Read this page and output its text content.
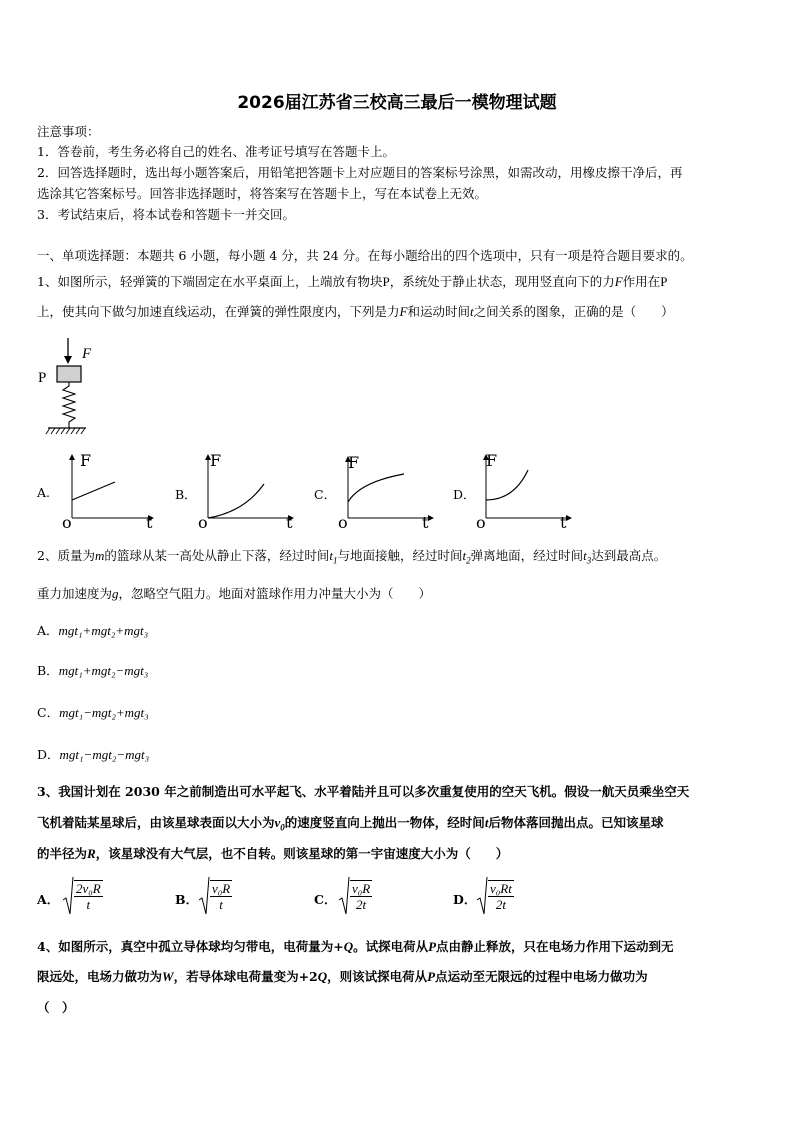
2026届江苏省三校高三最后一模物理试题
注意事项：
1．答卷前，考生务必将自己的姓名、准考证号填写在答题卡上。
2．回答选择题时，选出每小题答案后，用铅笔把答题卡上对应题目的答案标号涂黑，如需改动，用橡皮擦干净后，再
选涂其它答案标号。回答非选择题时，将答案写在答题卡上，写在本试卷上无效。
3．考试结束后，将本试卷和答题卡一并交回。
一、单项选择题：本题共 6 小题，每小题 4 分，共 24 分。在每小题给出的四个选项中，只有一项是符合题目要求的。
1、如图所示，轻弹簧的下端固定在水平桌面上，上端放有物块P，系统处于静止状态，现用竖直向下的力F作用在P
上，使其向下做匀加速直线运动，在弹簧的弹性限度内，下列是力F和运动时间t之间关系的图象，正确的是（　　）
F
P
A.
F
t
o
B．
F
t
o
C．
F
t
o
D．
F
t
o
2、质量为m的篮球从某一高处从静止下落，经过时间$t_1$与地面接触，经过时间$t_2$弹离地面，经过时间$t_3$达到最高点。
重力加速度为g，忽略空气阻力。地面对篮球作用力冲量大小为（　　）
A．mgt₁+mgt₂+mgt₃
B．mgt₁+mgt₂−mgt₃
C．mgt₁−mgt₂+mgt₃
D．mgt₁−mgt₂−mgt₃
3、我国计划在 2030 年之前制造出可水平起飞、水平着陆并且可以多次重复使用的空天飞机。假设一航天员乘坐空天
飞机着陆某星球后，由该星球表面以大小为$v_0$的速度竖直向上抛出一物体，经时间t后物体落回抛出点。已知该星球
的半径为R，该星球没有大气层，也不自转。则该星球的第一宇宙速度大小为（　　）
A． $\frac{\text{2v₀R}}{t}$	B． $\frac{\text{v₀R}}{t}$	C． $\frac{\text{v₀R}}{2t}$	D． $\frac{\text{v₀Rt}}{2t}$
4、如图所示，真空中孤立导体球均匀带电，电荷量为+Q。试探电荷从P点由静止释放，只在电场力作用下运动到无
限远处，电场力做功为W，若导体球电荷量变为+2Q，则该试探电荷从P点运动至无限远的过程中电场力做功为
（　）
